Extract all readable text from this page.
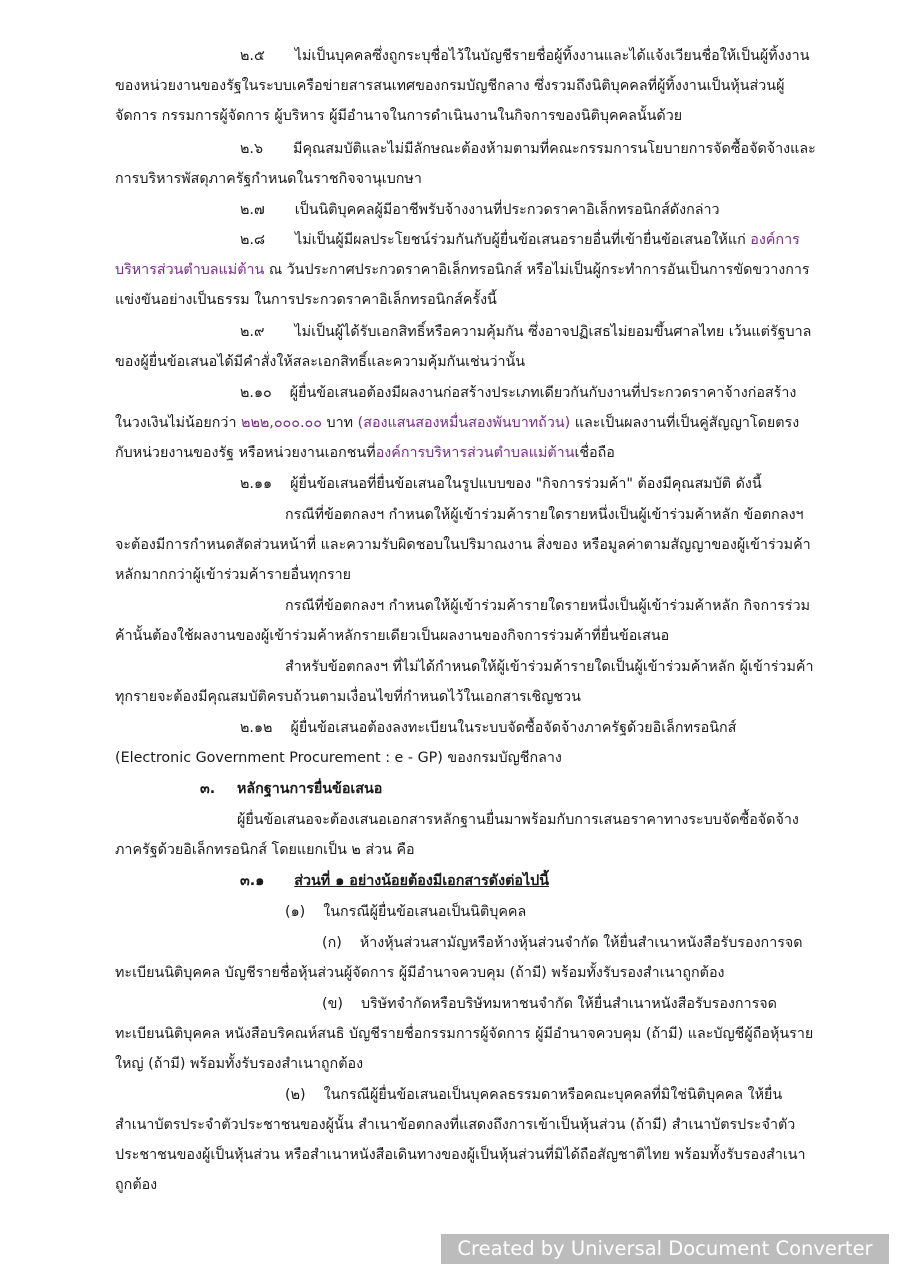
๒.๕ ไม่เป็นบุคคลซึ่งถูกระบุชื่อไว้ในบัญชีรายชื่อผู้ทิ้งงานและได้แจ้งเวียนชื่อให้เป็นผู้ทิ้งงาน
ของหน่วยงานของรัฐในระบบเครือข่ายสารสนเทศของกรมบัญชีกลาง ซึ่งรวมถึงนิติบุคคลที่ผู้ทิ้งงานเป็นหุ้นส่วนผู้
จัดการ กรรมการผู้จัดการ ผู้บริหาร ผู้มีอำนาจในการดำเนินงานในกิจการของนิติบุคคลนั้นด้วย
๒.๖ มีคุณสมบัติและไม่มีลักษณะต้องห้ามตามที่คณะกรรมการนโยบายการจัดซื้อจัดจ้างและ
การบริหารพัสดุภาครัฐกำหนดในราชกิจจานุเบกษา
๒.๗ เป็นนิติบุคคลผู้มีอาชีพรับจ้างงานที่ประกวดราคาอิเล็กทรอนิกส์ดังกล่าว
๒.๘ ไม่เป็นผู้มีผลประโยชน์ร่วมกันกับผู้ยื่นข้อเสนอรายอื่นที่เข้ายื่นข้อเสนอให้แก่ องค์การ
บริหารส่วนตำบลแม่ต้าน ณ วันประกาศประกวดราคาอิเล็กทรอนิกส์ หรือไม่เป็นผู้กระทำการอันเป็นการขัดขวางการ
แข่งขันอย่างเป็นธรรม ในการประกวดราคาอิเล็กทรอนิกส์ครั้งนี้
๒.๙ ไม่เป็นผู้ได้รับเอกสิทธิ์หรือความคุ้มกัน ซึ่งอาจปฏิเสธไม่ยอมขึ้นศาลไทย เว้นแต่รัฐบาล
ของผู้ยื่นข้อเสนอได้มีคำสั่งให้สละเอกสิทธิ์และความคุ้มกันเช่นว่านั้น
๒.๑๐ ผู้ยื่นข้อเสนอต้องมีผลงานก่อสร้างประเภทเดียวกันกับงานที่ประกวดราคาจ้างก่อสร้าง
ในวงเงินไม่น้อยกว่า ๒๒๒,๐๐๐.๐๐ บาท (สองแสนสองหมื่นสองพันบาทถ้วน) และเป็นผลงานที่เป็นคู่สัญญาโดยตรง
กับหน่วยงานของรัฐ หรือหน่วยงานเอกชนที่องค์การบริหารส่วนตำบลแม่ต้านเชื่อถือ
๒.๑๑ ผู้ยื่นข้อเสนอที่ยื่นข้อเสนอในรูปแบบของ "กิจการร่วมค้า" ต้องมีคุณสมบัติ ดังนี้
กรณีที่ข้อตกลงฯ กำหนดให้ผู้เข้าร่วมค้ารายใดรายหนึ่งเป็นผู้เข้าร่วมค้าหลัก ข้อตกลงฯ
จะต้องมีการกำหนดสัดส่วนหน้าที่ และความรับผิดชอบในปริมาณงาน สิ่งของ หรือมูลค่าตามสัญญาของผู้เข้าร่วมค้า
หลักมากกว่าผู้เข้าร่วมค้ารายอื่นทุกราย
กรณีที่ข้อตกลงฯ กำหนดให้ผู้เข้าร่วมค้ารายใดรายหนึ่งเป็นผู้เข้าร่วมค้าหลัก กิจการร่วม
ค้านั้นต้องใช้ผลงานของผู้เข้าร่วมค้าหลักรายเดียวเป็นผลงานของกิจการร่วมค้าที่ยื่นข้อเสนอ
สำหรับข้อตกลงฯ ที่ไม่ได้กำหนดให้ผู้เข้าร่วมค้ารายใดเป็นผู้เข้าร่วมค้าหลัก ผู้เข้าร่วมค้า
ทุกรายจะต้องมีคุณสมบัติครบถ้วนตามเงื่อนไขที่กำหนดไว้ในเอกสารเชิญชวน
๒.๑๒ ผู้ยื่นข้อเสนอต้องลงทะเบียนในระบบจัดซื้อจัดจ้างภาครัฐด้วยอิเล็กทรอนิกส์
(Electronic Government Procurement : e - GP) ของกรมบัญชีกลาง
๓. หลักฐานการยื่นข้อเสนอ
ผู้ยื่นข้อเสนอจะต้องเสนอเอกสารหลักฐานยื่นมาพร้อมกับการเสนอราคาทางระบบจัดซื้อจัดจ้าง
ภาครัฐด้วยอิเล็กทรอนิกส์ โดยแยกเป็น ๒ ส่วน คือ
๓.๑ ส่วนที่ ๑ อย่างน้อยต้องมีเอกสารดังต่อไปนี้
(๑) ในกรณีผู้ยื่นข้อเสนอเป็นนิติบุคคล
(ก) ห้างหุ้นส่วนสามัญหรือห้างหุ้นส่วนจำกัด ให้ยื่นสำเนาหนังสือรับรองการจด
ทะเบียนนิติบุคคล บัญชีรายชื่อหุ้นส่วนผู้จัดการ ผู้มีอำนาจควบคุม (ถ้ามี) พร้อมทั้งรับรองสำเนาถูกต้อง
(ข) บริษัทจำกัดหรือบริษัทมหาชนจำกัด ให้ยื่นสำเนาหนังสือรับรองการจด
ทะเบียนนิติบุคคล หนังสือบริคณห์สนธิ บัญชีรายชื่อกรรมการผู้จัดการ ผู้มีอำนาจควบคุม (ถ้ามี) และบัญชีผู้ถือหุ้นราย
ใหญ่ (ถ้ามี) พร้อมทั้งรับรองสำเนาถูกต้อง
(๒) ในกรณีผู้ยื่นข้อเสนอเป็นบุคคลธรรมดาหรือคณะบุคคลที่มิใช่นิติบุคคล ให้ยื่น
สำเนาบัตรประจำตัวประชาชนของผู้นั้น สำเนาข้อตกลงที่แสดงถึงการเข้าเป็นหุ้นส่วน (ถ้ามี) สำเนาบัตรประจำตัว
ประชาชนของผู้เป็นหุ้นส่วน หรือสำเนาหนังสือเดินทางของผู้เป็นหุ้นส่วนที่มิได้ถือสัญชาติไทย พร้อมทั้งรับรองสำเนา
ถูกต้อง
Created by Universal Document Converter
